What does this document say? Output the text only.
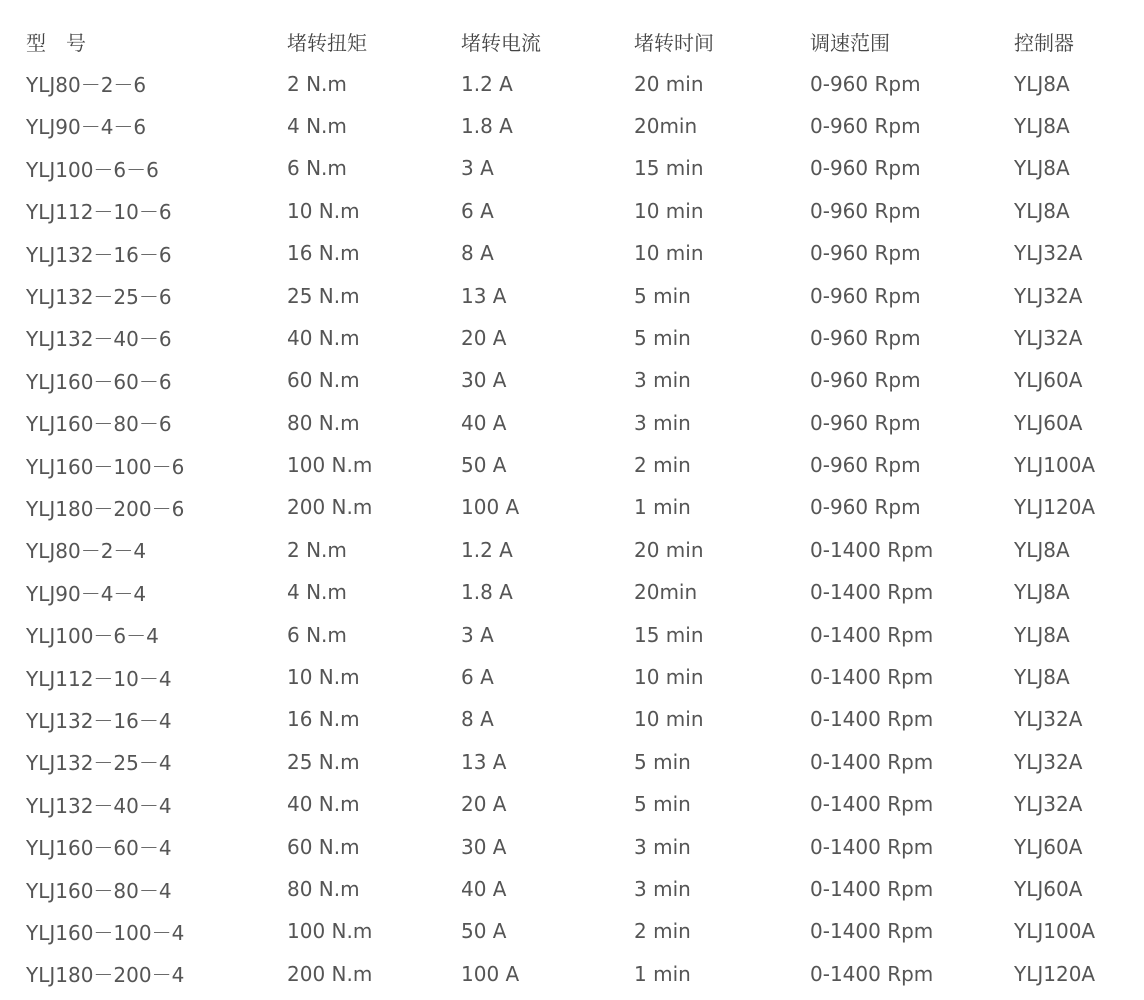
型　号	堵转扭矩	堵转电流	堵转时间	调速范围	控制器
YLJ80－2－6	2 N.m	1.2 A	20 min	0-960 Rpm	YLJ8A
YLJ90－4－6	4 N.m	1.8 A	20min	0-960 Rpm	YLJ8A
YLJ100－6－6	6 N.m	3 A	15 min	0-960 Rpm	YLJ8A
YLJ112－10－6	10 N.m	6 A	10 min	0-960 Rpm	YLJ8A
YLJ132－16－6	16 N.m	8 A	10 min	0-960 Rpm	YLJ32A
YLJ132－25－6	25 N.m	13 A	5 min	0-960 Rpm	YLJ32A
YLJ132－40－6	40 N.m	20 A	5 min	0-960 Rpm	YLJ32A
YLJ160－60－6	60 N.m	30 A	3 min	0-960 Rpm	YLJ60A
YLJ160－80－6	80 N.m	40 A	3 min	0-960 Rpm	YLJ60A
YLJ160－100－6	100 N.m	50 A	2 min	0-960 Rpm	YLJ100A
YLJ180－200－6	200 N.m	100 A	1 min	0-960 Rpm	YLJ120A
YLJ80－2－4	2 N.m	1.2 A	20 min	0-1400 Rpm	YLJ8A
YLJ90－4－4	4 N.m	1.8 A	20min	0-1400 Rpm	YLJ8A
YLJ100－6－4	6 N.m	3 A	15 min	0-1400 Rpm	YLJ8A
YLJ112－10－4	10 N.m	6 A	10 min	0-1400 Rpm	YLJ8A
YLJ132－16－4	16 N.m	8 A	10 min	0-1400 Rpm	YLJ32A
YLJ132－25－4	25 N.m	13 A	5 min	0-1400 Rpm	YLJ32A
YLJ132－40－4	40 N.m	20 A	5 min	0-1400 Rpm	YLJ32A
YLJ160－60－4	60 N.m	30 A	3 min	0-1400 Rpm	YLJ60A
YLJ160－80－4	80 N.m	40 A	3 min	0-1400 Rpm	YLJ60A
YLJ160－100－4	100 N.m	50 A	2 min	0-1400 Rpm	YLJ100A
YLJ180－200－4	200 N.m	100 A	1 min	0-1400 Rpm	YLJ120A
